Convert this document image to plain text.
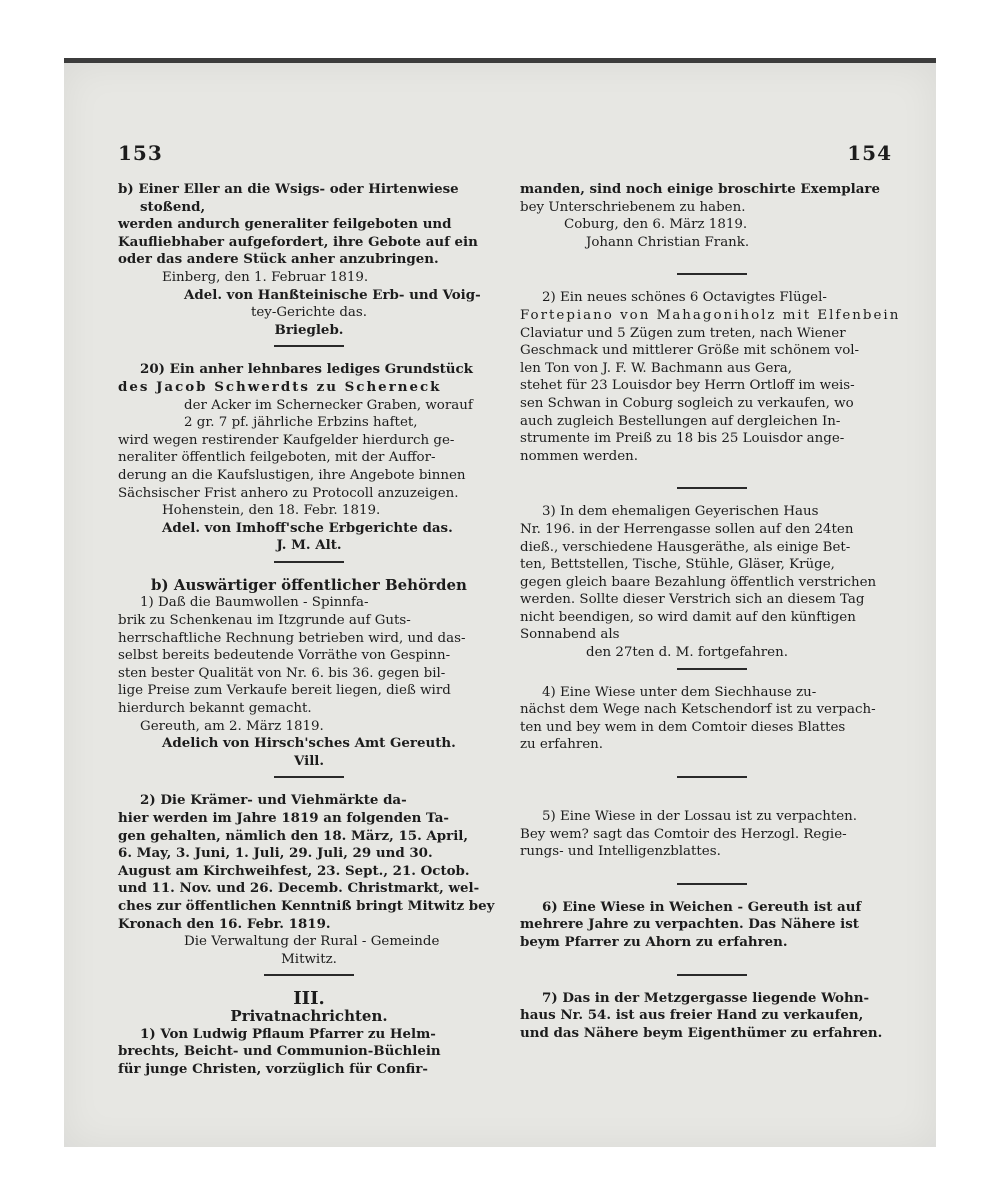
153	154

b) Einer Eller an die Wsigs- oder Hirtenwiese

stoßend,

werden andurch generaliter feilgeboten und

Kaufliebhaber aufgefordert, ihre Gebote auf ein

oder das andere Stück anher anzubringen.

Einberg, den 1. Februar 1819.

Adel. von Hanßteinische Erb- und Voig-

tey-Gerichte das.

Briegleb.

20) Ein anher lehnbares lediges Grundstück

des Jacob Schwerdts zu Scherneck

der Acker im Schernecker Graben, worauf

2 gr. 7 pf. jährliche Erbzins haftet,

wird wegen restirender Kaufgelder hierdurch ge-

neraliter öffentlich feilgeboten, mit der Auffor-

derung an die Kaufslustigen, ihre Angebote binnen

Sächsischer Frist anhero zu Protocoll anzuzeigen.

Hohenstein, den 18. Febr. 1819.

Adel. von Imhoff'sche Erbgerichte das.

J. M. Alt.

b) Auswärtiger öffentlicher Behörden

1) Daß die Baumwollen - Spinnfa-

brik zu Schenkenau im Itzgrunde auf Guts-

herrschaftliche Rechnung betrieben wird, und das-

selbst bereits bedeutende Vorräthe von Gespinn-

sten bester Qualität von Nr. 6. bis 36. gegen bil-

lige Preise zum Verkaufe bereit liegen, dieß wird

hierdurch bekannt gemacht.

Gereuth, am 2. März 1819.

Adelich von Hirsch'sches Amt Gereuth.

Vill.

2) Die Krämer- und Viehmärkte da-

hier werden im Jahre 1819 an folgenden Ta-

gen gehalten, nämlich den 18. März, 15. April,

6. May, 3. Juni, 1. Juli, 29. Juli, 29 und 30.

August am Kirchweihfest, 23. Sept., 21. Octob.

und 11. Nov. und 26. Decemb. Christmarkt, wel-

ches zur öffentlichen Kenntniß bringt Mitwitz bey

Kronach den 16. Febr. 1819.

Die Verwaltung der Rural - Gemeinde

Mitwitz.

III.

Privatnachrichten.

1) Von Ludwig Pflaum Pfarrer zu Helm-

brechts, Beicht- und Communion-Büchlein

für junge Christen, vorzüglich für Confir-

manden, sind noch einige broschirte Exemplare

bey Unterschriebenem zu haben.

Coburg, den 6. März 1819.

Johann Christian Frank.

2) Ein neues schönes 6 Octavigtes Flügel-

Fortepiano von Mahagoniholz mit Elfenbein

Claviatur und 5 Zügen zum treten, nach Wiener

Geschmack und mittlerer Größe mit schönem vol-

len Ton von J. F. W. Bachmann aus Gera,

stehet für 23 Louisdor bey Herrn Ortloff im weis-

sen Schwan in Coburg sogleich zu verkaufen, wo

auch zugleich Bestellungen auf dergleichen In-

strumente im Preiß zu 18 bis 25 Louisdor ange-

nommen werden.

3) In dem ehemaligen Geyerischen Haus

Nr. 196. in der Herrengasse sollen auf den 24ten

dieß., verschiedene Hausgeräthe, als einige Bet-

ten, Bettstellen, Tische, Stühle, Gläser, Krüge,

gegen gleich baare Bezahlung öffentlich verstrichen

werden. Sollte dieser Verstrich sich an diesem Tag

nicht beendigen, so wird damit auf den künftigen

Sonnabend als

den 27ten d. M. fortgefahren.

4) Eine Wiese unter dem Siechhause zu-

nächst dem Wege nach Ketschendorf ist zu verpach-

ten und bey wem in dem Comtoir dieses Blattes

zu erfahren.

5) Eine Wiese in der Lossau ist zu verpachten.

Bey wem? sagt das Comtoir des Herzogl. Regie-

rungs- und Intelligenzblattes.

6) Eine Wiese in Weichen - Gereuth ist auf

mehrere Jahre zu verpachten. Das Nähere ist

beym Pfarrer zu Ahorn zu erfahren.

7) Das in der Metzgergasse liegende Wohn-

haus Nr. 54. ist aus freier Hand zu verkaufen,

und das Nähere beym Eigenthümer zu erfahren.
